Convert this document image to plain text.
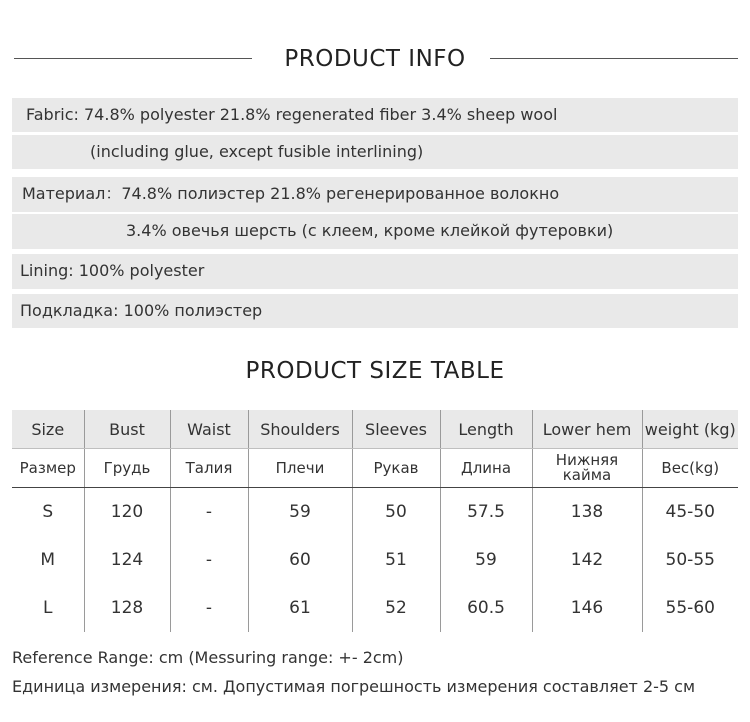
PRODUCT INFO
Fabric: 74.8% polyester 21.8% regenerated fiber 3.4% sheep wool
(including glue, except fusible interlining)
Материал：74.8% полиэстер 21.8% регенерированное волокно
3.4% овечья шерсть (с клеем, кроме клейкой футеровки)
Lining: 100% polyester
Подкладка: 100% полиэстер
PRODUCT SIZE TABLE
Size	Bust	Waist	Shoulders	Sleeves	Length	Lower hem	weight (kg)
Размер	Грудь	Талия	Плечи	Рукав	Длина	Нижняя кайма	Вес(kg)
S	120	-	59	50	57.5	138	45-50
M	124	-	60	51	59	142	50-55
L	128	-	61	52	60.5	146	55-60
Reference Range: cm (Messuring range: +- 2cm)
Единица измерения: см. Допустимая погрешность измерения составляет 2-5 см
